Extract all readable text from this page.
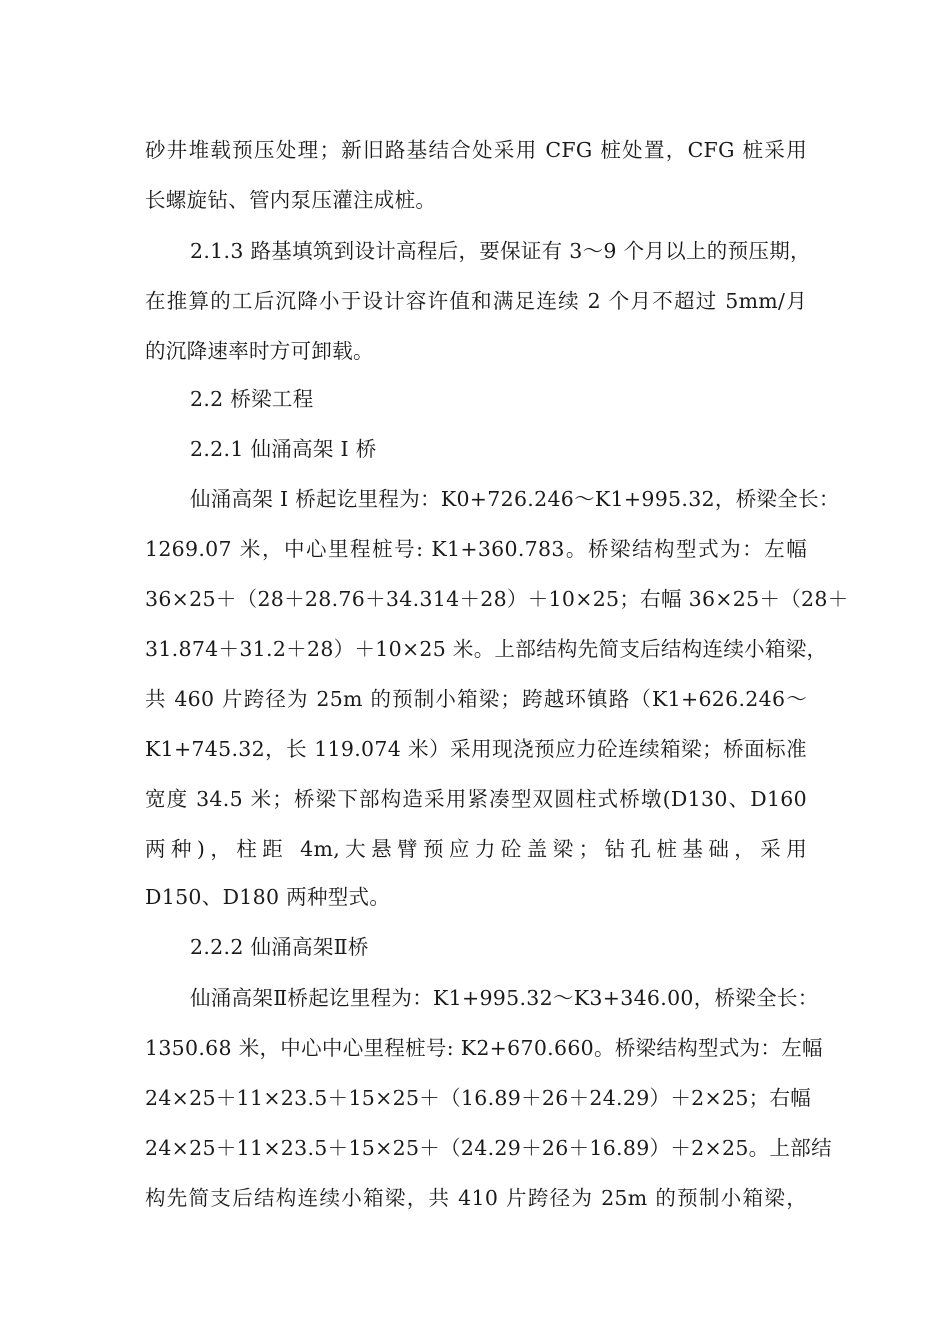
砂井堆载预压处理；新旧路基结合处采用 CFG 桩处置，CFG 桩采用
长螺旋钻、管内泵压灌注成桩。
2.1.3 路基填筑到设计高程后，要保证有 3～9 个月以上的预压期，
在推算的工后沉降小于设计容许值和满足连续 2 个月不超过 5mm/月
的沉降速率时方可卸载。
2.2 桥梁工程
2.2.1 仙涌高架 I 桥
仙涌高架 I 桥起讫里程为：K0+726.246～K1+995.32，桥梁全长：
1269.07 米，中心里程桩号: K1+360.783。桥梁结构型式为：左幅
36×25＋（28＋28.76＋34.314＋28）＋10×25；右幅 36×25＋（28＋
31.874＋31.2＋28）＋10×25 米。上部结构先简支后结构连续小箱梁，
共 460 片跨径为 25m 的预制小箱梁；跨越环镇路（K1+626.246～
K1+745.32，长 119.074 米）采用现浇预应力砼连续箱梁；桥面标准
宽度 34.5 米；桥梁下部构造采用紧凑型双圆柱式桥墩(D130、D160
两种)，柱距 4m,大悬臂预应力砼盖梁；钻孔桩基础，采用
D150、D180 两种型式。
2.2.2 仙涌高架Ⅱ桥
仙涌高架Ⅱ桥起讫里程为：K1+995.32～K3+346.00，桥梁全长：
1350.68 米，中心中心里程桩号: K2+670.660。桥梁结构型式为：左幅
24×25＋11×23.5＋15×25＋（16.89＋26＋24.29）＋2×25；右幅
24×25＋11×23.5＋15×25＋（24.29＋26＋16.89）＋2×25。上部结
构先简支后结构连续小箱梁，共 410 片跨径为 25m 的预制小箱梁，
